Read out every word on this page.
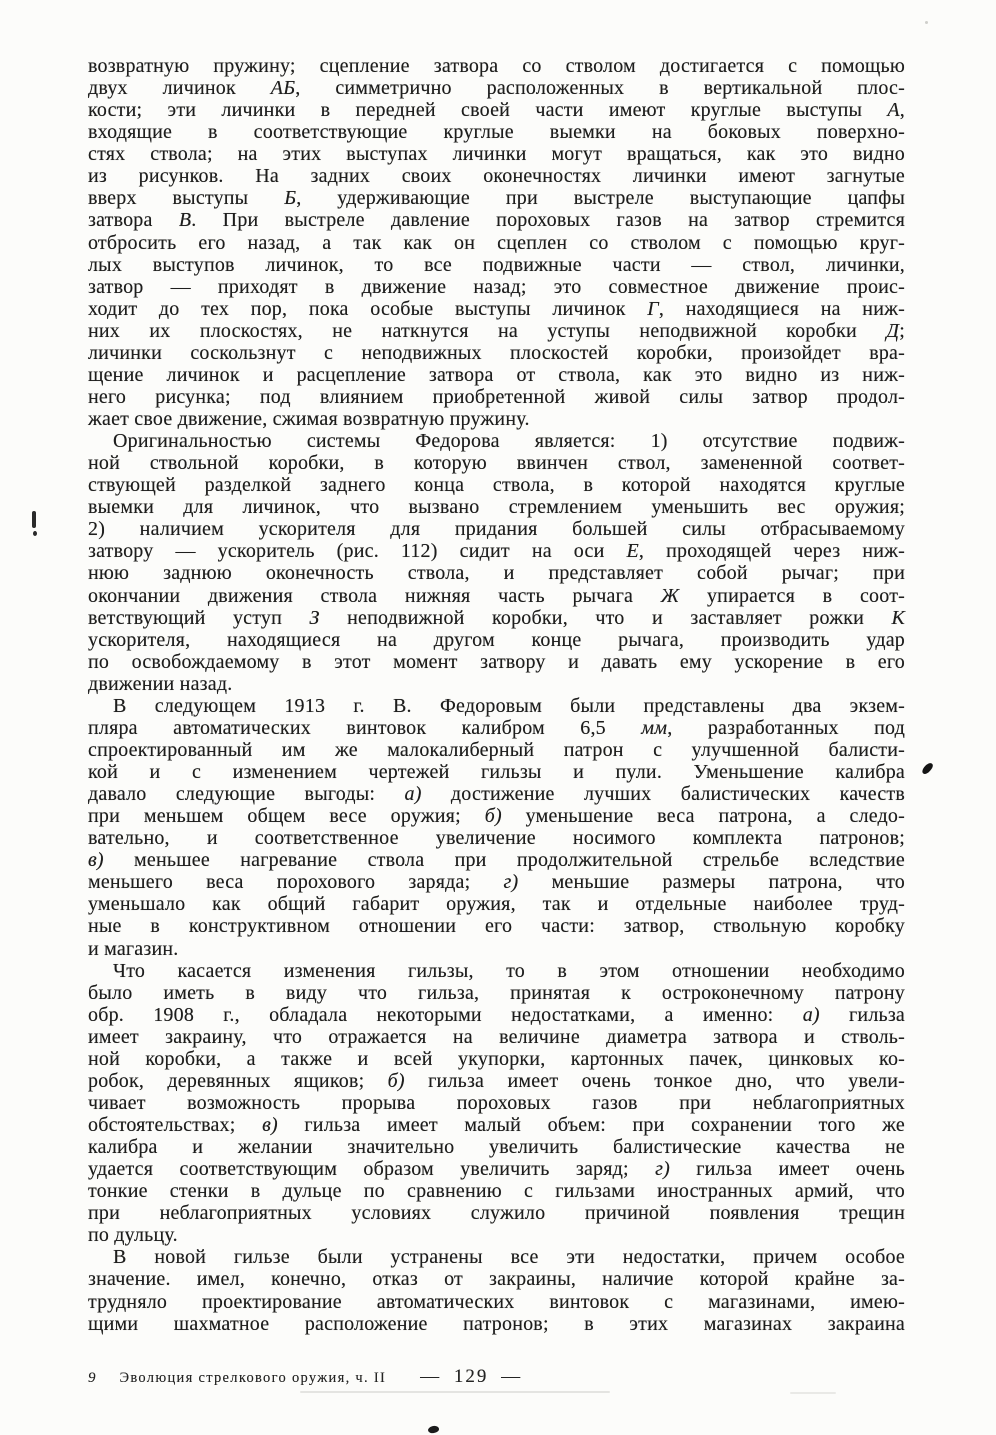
возвратную пружину; сцепление затвора со стволом достигается с помощью
двух личинок АБ, симметрично расположенных в вертикальной плос-
кости; эти личинки в передней своей части имеют круглые выступы А,
входящие в соответствующие круглые выемки на боковых поверхно-
стях ствола; на этих выступах личинки могут вращаться, как это видно
из рисунков. На задних своих оконечностях личинки имеют загнутые
вверх выступы Б, удерживающие при выстреле выступающие цапфы
затвора В. При выстреле давление пороховых газов на затвор стремится
отбросить его назад, а так как он сцеплен со стволом с помощью круг-
лых выступов личинок, то все подвижные части — ствол, личинки,
затвор — приходят в движение назад; это совместное движение проис-
ходит до тех пор, пока особые выступы личинок Г, находящиеся на ниж-
них их плоскостях, не наткнутся на уступы неподвижной коробки Д;
личинки соскользнут с неподвижных плоскостей коробки, произойдет вра-
щение личинок и расцепление затвора от ствола, как это видно из ниж-
него рисунка; под влиянием приобретенной живой силы затвор продол-
жает свое движение, сжимая возвратную пружину.
Оригинальностью системы Федорова является: 1) отсутствие подвиж-
ной ствольной коробки, в которую ввинчен ствол, замененной соответ-
ствующей разделкой заднего конца ствола, в которой находятся круглые
выемки для личинок, что вызвано стремлением уменьшить вес оружия;
2) наличием ускорителя для придания большей силы отбрасываемому
затвору — ускоритель (рис. 112) сидит на оси Е, проходящей через ниж-
нюю заднюю оконечность ствола, и представляет собой рычаг; при
окончании движения ствола нижняя часть рычага Ж упирается в соот-
ветствующий уступ З неподвижной коробки, что и заставляет рожки К
ускорителя, находящиеся на другом конце рычага, производить удар
по освобождаемому в этот момент затвору и давать ему ускорение в его
движении назад.
В следующем 1913 г. В. Федоровым были представлены два экзем-
пляра автоматических винтовок калибром 6,5 мм, разработанных под
спроектированный им же малокалиберный патрон с улучшенной балисти-
кой и с изменением чертежей гильзы и пули. Уменьшение калибра
давало следующие выгоды: а) достижение лучших балистических качеств
при меньшем общем весе оружия; б) уменьшение веса патрона, а следо-
вательно, и соответственное увеличение носимого комплекта патронов;
в) меньшее нагревание ствола при продолжительной стрельбе вследствие
меньшего веса порохового заряда; г) меньшие размеры патрона, что
уменьшало как общий габарит оружия, так и отдельные наиболее труд-
ные в конструктивном отношении его части: затвор, ствольную коробку
и магазин.
Что касается изменения гильзы, то в этом отношении необходимо
было иметь в виду что гильза, принятая к остроконечному патрону
обр. 1908 г., обладала некоторыми недостатками, а именно: а) гильза
имеет закраину, что отражается на величине диаметра затвора и стволь-
ной коробки, а также и всей укупорки, картонных пачек, цинковых ко-
робок, деревянных ящиков; б) гильза имеет очень тонкое дно, что увели-
чивает возможность прорыва пороховых газов при неблагоприятных
обстоятельствах; в) гильза имеет малый объем: при сохранении того же
калибра и желании значительно увеличить балистические качества не
удается соответствующим образом увеличить заряд; г) гильза имеет очень
тонкие стенки в дульце по сравнению с гильзами иностранных армий, что
при неблагоприятных условиях служило причиной появления трещин
по дульцу.
В новой гильзе были устранены все эти недостатки, причем особое
значение. имел, конечно, отказ от закраины, наличие которой крайне за-
трудняло проектирование автоматических винтовок с магазинами, имею-
щими шахматное расположение патронов; в этих магазинах закраина
9 Эволюция стрелкового оружия, ч. II — 129 —
